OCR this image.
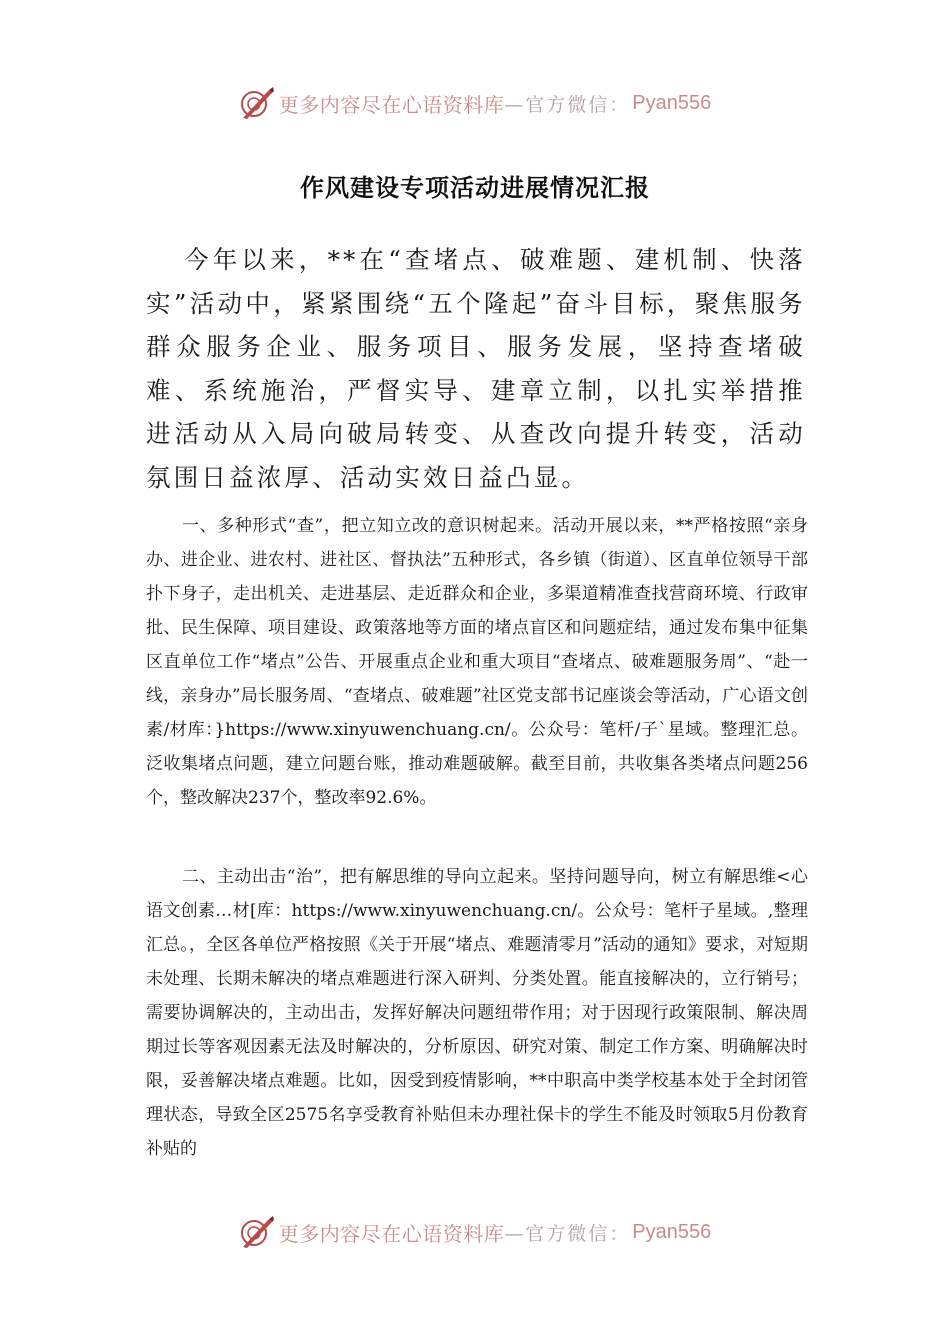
更多内容尽在心语资料库 —官方微信： Pyan556
作风建设专项活动进展情况汇报

今年以来，**在“查堵点、破难题、建机制、快落实”活动中，紧紧围绕“五个隆起”奋斗目标，聚焦服务群众服务企业、服务项目、服务发展，坚持查堵破难、系统施治，严督实导、建章立制，以扎实举措推进活动从入局向破局转变、从查改向提升转变，活动氛围日益浓厚、活动实效日益凸显。

一、多种形式“查”，把立知立改的意识树起来。活动开展以来，**严格按照“亲身办、进企业、进农村、进社区、督执法”五种形式，各乡镇（街道）、区直单位领导干部扑下身子，走出机关、走进基层、走近群众和企业，多渠道精准查找营商环境、行政审批、民生保障、项目建设、政策落地等方面的堵点盲区和问题症结，通过发布集中征集区直单位工作“堵点”公告、开展重点企业和重大项目“查堵点、破难题服务周”、“赴一线，亲身办”局长服务周、“查堵点、破难题”社区党支部书记座谈会等活动，广心语文创素/材库：}https://www.xinyuwenchuang.cn/。公众号：笔杆/子`星域。整理汇总。泛收集堵点问题，建立问题台账，推动难题破解。截至目前，共收集各类堵点问题256个，整改解决237个，整改率92.6%。

二、主动出击“治”，把有解思维的导向立起来。坚持问题导向，树立有解思维<心语文创素…材[库：https://www.xinyuwenchuang.cn/。公众号：笔杆子星域。,整理汇总。，全区各单位严格按照《关于开展“堵点、难题清零月”活动的通知》要求，对短期未处理、长期未解决的堵点难题进行深入研判、分类处置。能直接解决的，立行销号；需要协调解决的，主动出击，发挥好解决问题纽带作用；对于因现行政策限制、解决周期过长等客观因素无法及时解决的，分析原因、研究对策、制定工作方案、明确解决时限，妥善解决堵点难题。比如，因受到疫情影响，**中职高中类学校基本处于全封闭管理状态，导致全区2575名享受教育补贴但未办理社保卡的学生不能及时领取5月份教育补贴的

更多内容尽在心语资料库 —官方微信： Pyan556
